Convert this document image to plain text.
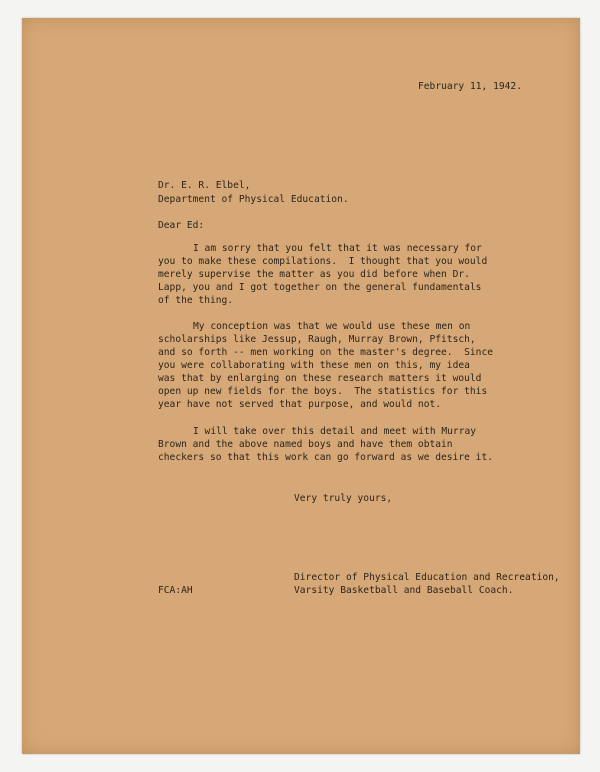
February 11, 1942.
Dr. E. R. Elbel,
Department of Physical Education.
Dear Ed:
I am sorry that you felt that it was necessary for
you to make these compilations.  I thought that you would
merely supervise the matter as you did before when Dr.
Lapp, you and I got together on the general fundamentals
of the thing.
My conception was that we would use these men on
scholarships like Jessup, Raugh, Murray Brown, Pfitsch,
and so forth -- men working on the master's degree.  Since
you were collaborating with these men on this, my idea
was that by enlarging on these research matters it would
open up new fields for the boys.  The statistics for this
year have not served that purpose, and would not.
I will take over this detail and meet with Murray
Brown and the above named boys and have them obtain
checkers so that this work can go forward as we desire it.
Very truly yours,
Director of Physical Education and Recreation,
Varsity Basketball and Baseball Coach.
FCA:AH
